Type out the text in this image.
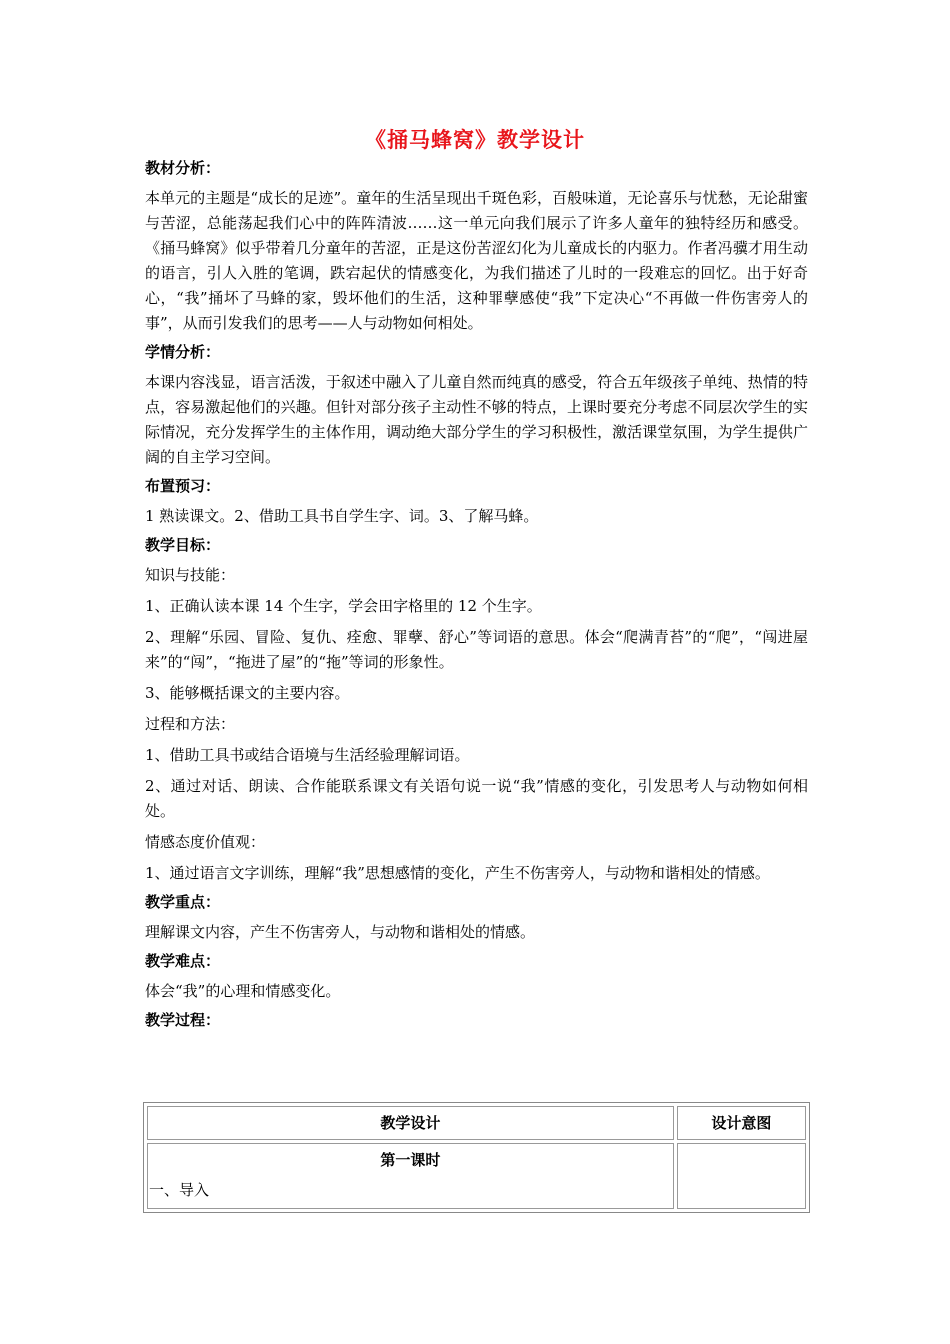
《捅马蜂窝》教学设计
教材分析：
本单元的主题是“成长的足迹”。童年的生活呈现出千斑色彩，百般味道，无论喜乐与忧愁，无论甜蜜与苦涩，总能荡起我们心中的阵阵清波……这一单元向我们展示了许多人童年的独特经历和感受。《捅马蜂窝》似乎带着几分童年的苦涩，正是这份苦涩幻化为儿童成长的内驱力。作者冯骥才用生动的语言，引人入胜的笔调，跌宕起伏的情感变化，为我们描述了儿时的一段难忘的回忆。出于好奇心，“我”捅坏了马蜂的家，毁坏他们的生活，这种罪孽感使“我”下定决心“不再做一件伤害旁人的事”，从而引发我们的思考——人与动物如何相处。
学情分析：
本课内容浅显，语言活泼，于叙述中融入了儿童自然而纯真的感受，符合五年级孩子单纯、热情的特点，容易激起他们的兴趣。但针对部分孩子主动性不够的特点，上课时要充分考虑不同层次学生的实际情况，充分发挥学生的主体作用，调动绝大部分学生的学习积极性，激活课堂氛围，为学生提供广阔的自主学习空间。
布置预习：
1 熟读课文。2、借助工具书自学生字、词。3、了解马蜂。
教学目标：
知识与技能：
1、正确认读本课 14 个生字，学会田字格里的 12 个生字。
2、理解“乐园、冒险、复仇、痊愈、罪孽、舒心”等词语的意思。体会“爬满青苔”的“爬”，“闯进屋来”的“闯”，“拖进了屋”的“拖”等词的形象性。
3、能够概括课文的主要内容。
过程和方法：
1、借助工具书或结合语境与生活经验理解词语。
2、通过对话、朗读、合作能联系课文有关语句说一说“我”情感的变化，引发思考人与动物如何相处。
情感态度价值观：
1、通过语言文字训练，理解“我”思想感情的变化，产生不伤害旁人，与动物和谐相处的情感。
教学重点：
理解课文内容，产生不伤害旁人，与动物和谐相处的情感。
教学难点：
体会“我”的心理和情感变化。
教学过程：
教学设计	设计意图

第一课时
一、导入	
